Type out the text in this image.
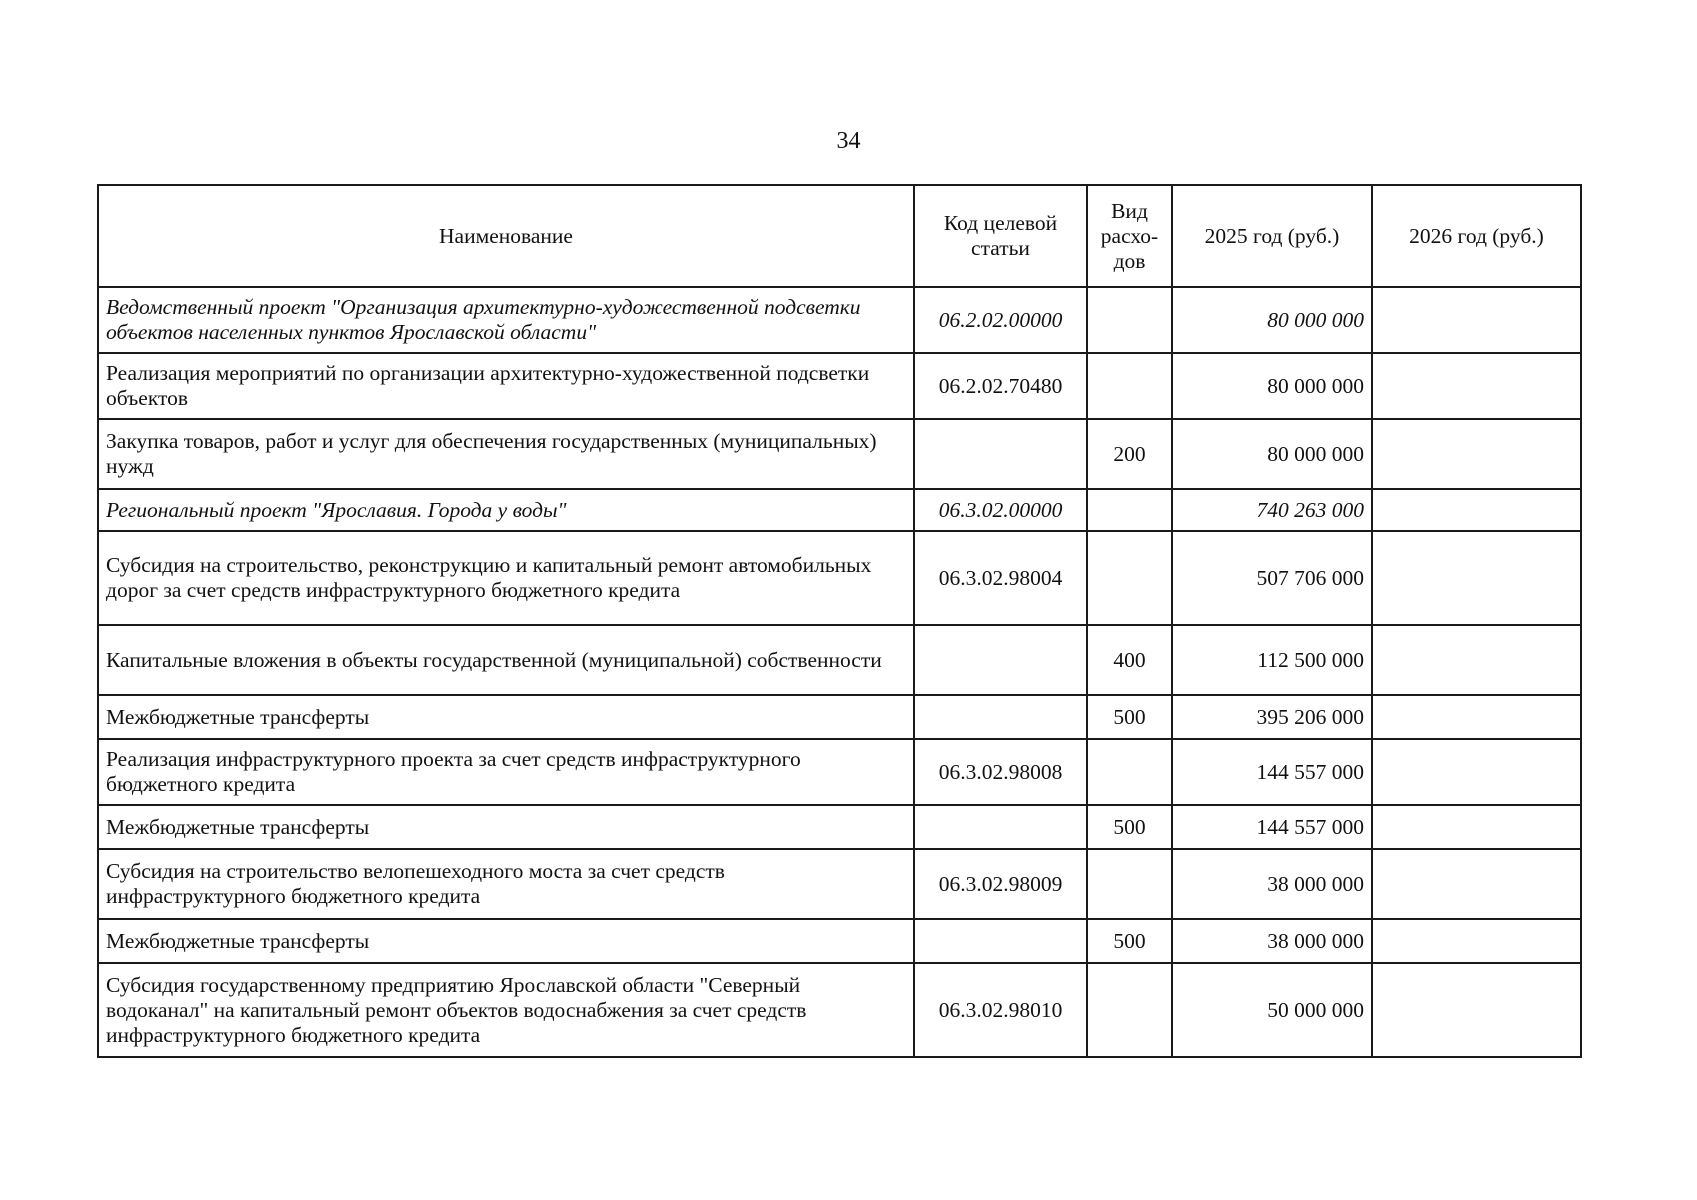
34
Наименование	Код целевой статьи	Вид расхо-дов	2025 год (руб.)	2026 год (руб.)
Ведомственный проект "Организация архитектурно-художественной подсветки объектов населенных пунктов Ярославской области"	06.2.02.00000		80 000 000	
Реализация мероприятий по организации архитектурно-художественной подсветки объектов	06.2.02.70480		80 000 000	
Закупка товаров, работ и услуг для обеспечения государственных (муниципальных) нужд		200	80 000 000	
Региональный проект "Ярославия. Города у воды"	06.3.02.00000		740 263 000	
Субсидия на строительство, реконструкцию и капитальный ремонт автомобильных дорог за счет средств инфраструктурного бюджетного кредита	06.3.02.98004		507 706 000	
Капитальные вложения в объекты государственной (муниципальной) собственности		400	112 500 000	
Межбюджетные трансферты		500	395 206 000	
Реализация инфраструктурного проекта за счет средств инфраструктурного бюджетного кредита	06.3.02.98008		144 557 000	
Межбюджетные трансферты		500	144 557 000	
Субсидия на строительство велопешеходного моста за счет средств инфраструктурного бюджетного кредита	06.3.02.98009		38 000 000	
Межбюджетные трансферты		500	38 000 000	
Субсидия государственному предприятию Ярославской области "Северный водоканал" на капитальный ремонт объектов водоснабжения за счет средств инфраструктурного бюджетного кредита	06.3.02.98010		50 000 000	
